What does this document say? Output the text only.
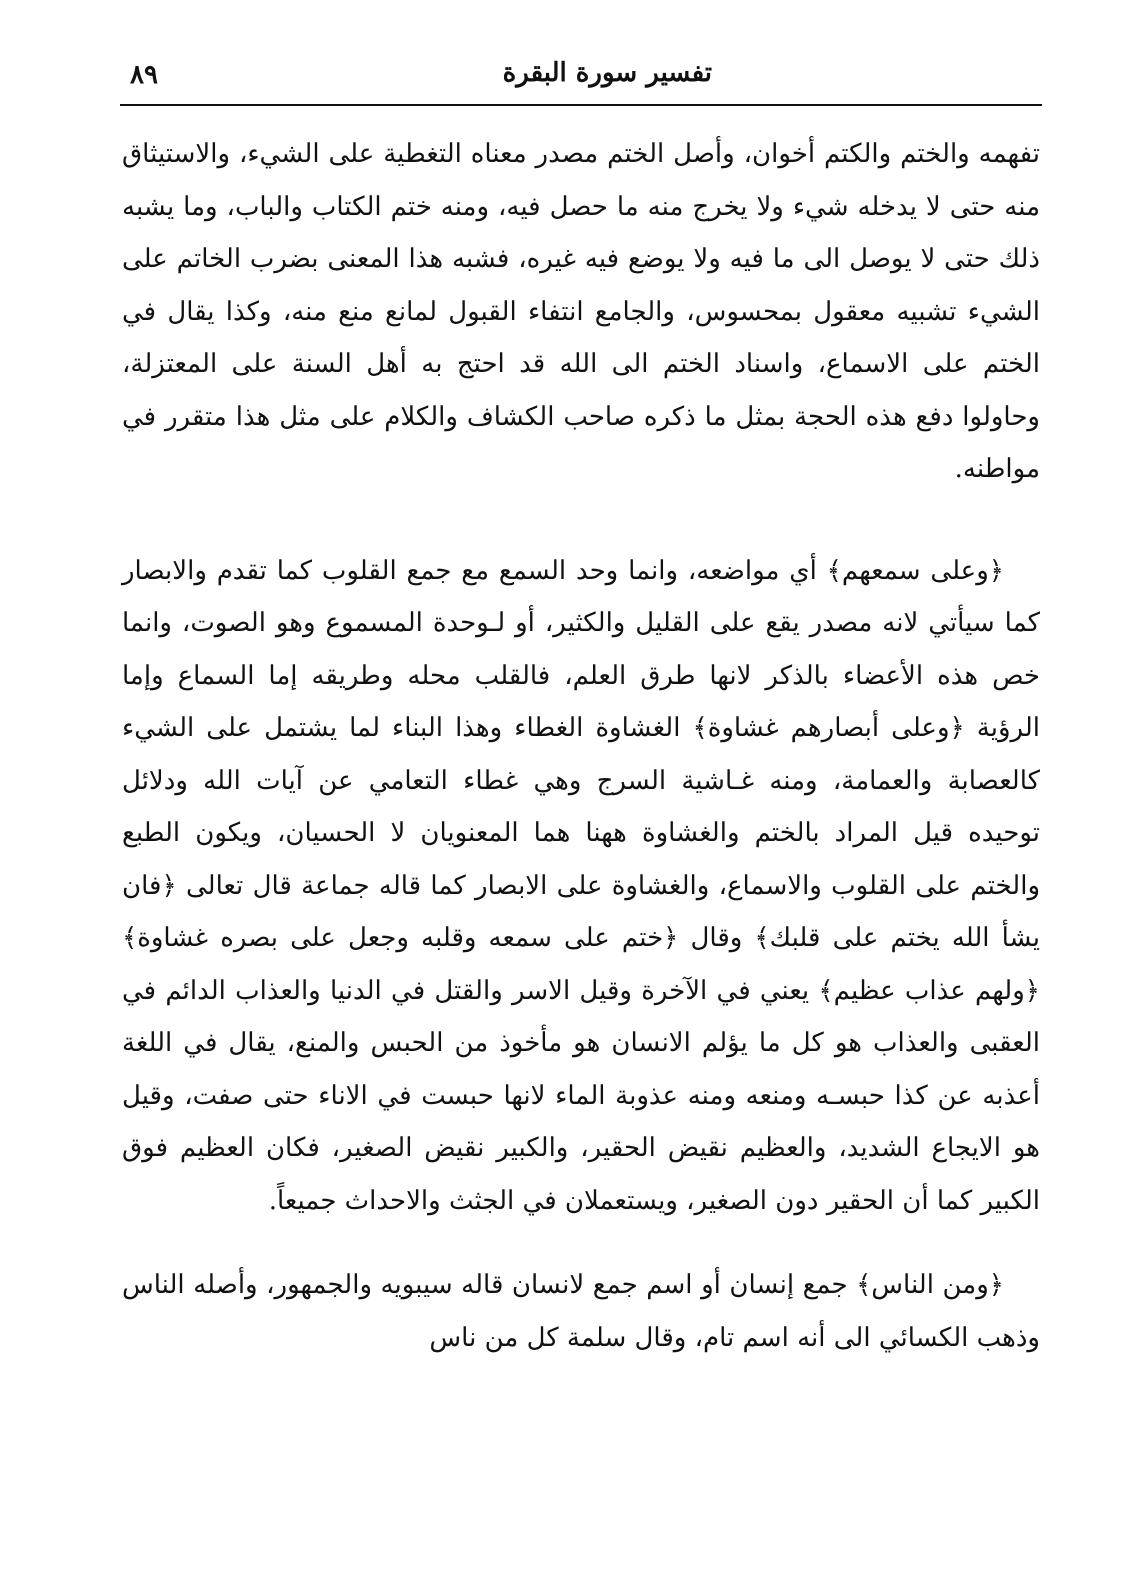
تفسير سورة البقرة
٨٩

تفهمه والختم والكتم أخوان، وأصل الختم مصدر معناه التغطية على الشيء، والاستيثاق منه حتى لا يدخله شيء ولا يخرج منه ما حصل فيه، ومنه ختم الكتاب والباب، وما يشبه ذلك حتى لا يوصل الى ما فيه ولا يوضع فيه غيره، فشبه هذا المعنى بضرب الخاتم على الشيء تشبيه معقول بمحسوس، والجامع انتفاء القبول لمانع منع منه، وكذا يقال في الختم على الاسماع، واسناد الختم الى الله قد احتج به أهل السنة على المعتزلة، وحاولوا دفع هذه الحجة بمثل ما ذكره صاحب الكشاف والكلام على مثل هذا متقرر في مواطنه.

﴿وعلى سمعهم﴾ أي مواضعه، وانما وحد السمع مع جمع القلوب كما تقدم والابصار كما سيأتي لانه مصدر يقع على القليل والكثير، أو لـوحدة المسموع وهو الصوت، وانما خص هذه الأعضاء بالذكر لانها طرق العلم، فالقلب محله وطريقه إما السماع وإما الرؤية ﴿وعلى أبصارهم غشاوة﴾ الغشاوة الغطاء وهذا البناء لما يشتمل على الشيء كالعصابة والعمامة، ومنه غـاشية السرج وهي غطاء التعامي عن آيات الله ودلائل توحيده قيل المراد بالختم والغشاوة ههنا هما المعنويان لا الحسيان، ويكون الطبع والختم على القلوب والاسماع، والغشاوة على الابصار كما قاله جماعة قال تعالى ﴿فان يشأ الله يختم على قلبك﴾ وقال ﴿ختم على سمعه وقلبه وجعل على بصره غشاوة﴾ ﴿ولهم عذاب عظيم﴾ يعني في الآخرة وقيل الاسر والقتل في الدنيا والعذاب الدائم في العقبى والعذاب هو كل ما يؤلم الانسان هو مأخوذ من الحبس والمنع، يقال في اللغة أعذبه عن كذا حبسـه ومنعه ومنه عذوبة الماء لانها حبست في الاناء حتى صفت، وقيل هو الايجاع الشديد، والعظيم نقيض الحقير، والكبير نقيض الصغير، فكان العظيم فوق الكبير كما أن الحقير دون الصغير، ويستعملان في الجثث والاحداث جميعاً.

﴿ومن الناس﴾ جمع إنسان أو اسم جمع لانسان قاله سيبويه والجمهور، وأصله الناس وذهب الكسائي الى أنه اسم تام، وقال سلمة كل من ناس
